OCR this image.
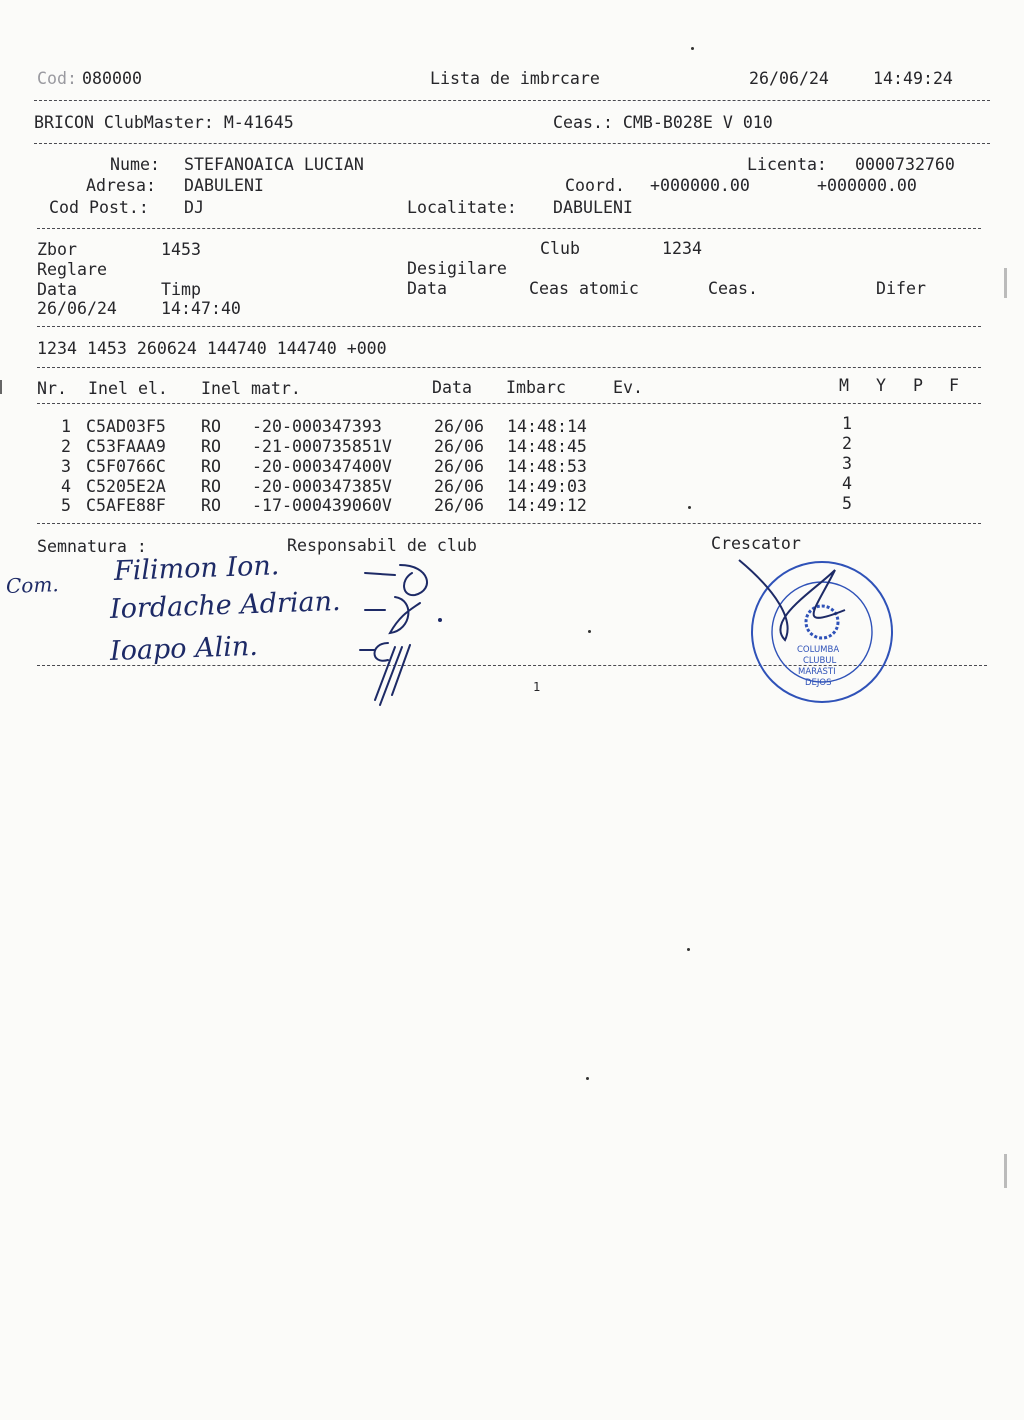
Cod: 080000	Lista de imbrcare	26/06/24	14:49:24
BRICON ClubMaster: M-41645	Ceas.: CMB-B028E V 010
Nume: STEFANOAICA LUCIAN	Licenta: 0000732760
Adresa: DABULENI	Coord. +000000.00	+000000.00
Cod Post.: DJ	Localitate: DABULENI
Zbor	1453	Club	1234
Reglare	Desigilare
Data	Timp	Data	Ceas atomic	Ceas.	Difer
26/06/24	14:47:40
1234 1453 260624 144740 144740 +000
Nr. Inel el. Inel matr.	Data Imbarc	Ev.	M Y P F
1 C5AD03F5 RO -20-000347393	26/06 14:48:14	1
2 C53FAAA9 RO -21-000735851V	26/06 14:48:45	2
3 C5F0766C RO -20-000347400V	26/06 14:48:53	3
4 C5205E2A RO -20-000347385V	26/06 14:49:03	4
5 C5AFE88F RO -17-000439060V	26/06 14:49:12	5
Semnatura :	Responsabil de club	Crescator
Com. Filimon Ion.
Iordache Adrian.
Ioapo Alin.
1
COLUMBA
CLUBUL
MARASTI
DEJOS
